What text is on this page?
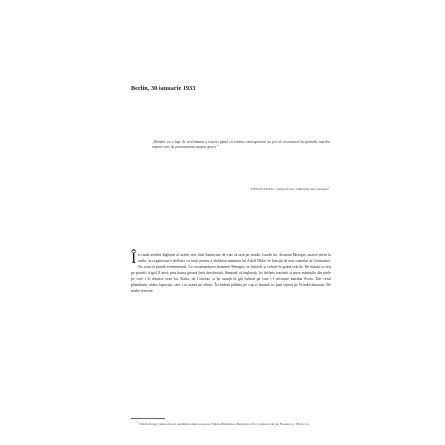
Berlin, 30 ianuarie 1933
„Rămâne ca o lege de nestrămutat a istoriei faptul că tocmai contemporanii nu pot să recunoască începuturile marilor mișcări care își pun amprenta asupra epocii.”
STEFAN ZWEIG, Lumea de ieri. Amintirile unui european$^1$

În ciuda aerului înghețat al acelei seri, luni Santacruz de-cise să iasă pe stradă. Gazda lui, doamna Metzger, auzise știrea la radio: se organizase o defilare cu torțe pentru a sărbători numirea lui Adolf Hitler în funcția de nou cancelar al Germaniei. Nu voia să piardă evenimentul. La recomandarea doamnei Metzger, se înfofoli și coborî în grabă scările. De îndată ce ieși pe poartă, frigul îl intră prin haina groasă încă descheiată. Simțind că îngheață, își încheie nasturii și puse mănușile din piele pe care i le dăruise sora lui, Katia, de Crăciun, și își aranjă la gât fularul pe care i-l tricotase bătrâna Sveta. Din cerul plumburiu cădea lapoviță, care i se așeza pe obraji. Își îndesă pălăria pe cap și înaintă cu pași repezi pe Friedrichstrasse. De multe ferestre

$^1$Stefan Zweig, Lumea de ieri. Amintirile unui european, Editura Humanitas, București, 2012, traducere de Ion Nastasia, p. 384 (n. tr.).
